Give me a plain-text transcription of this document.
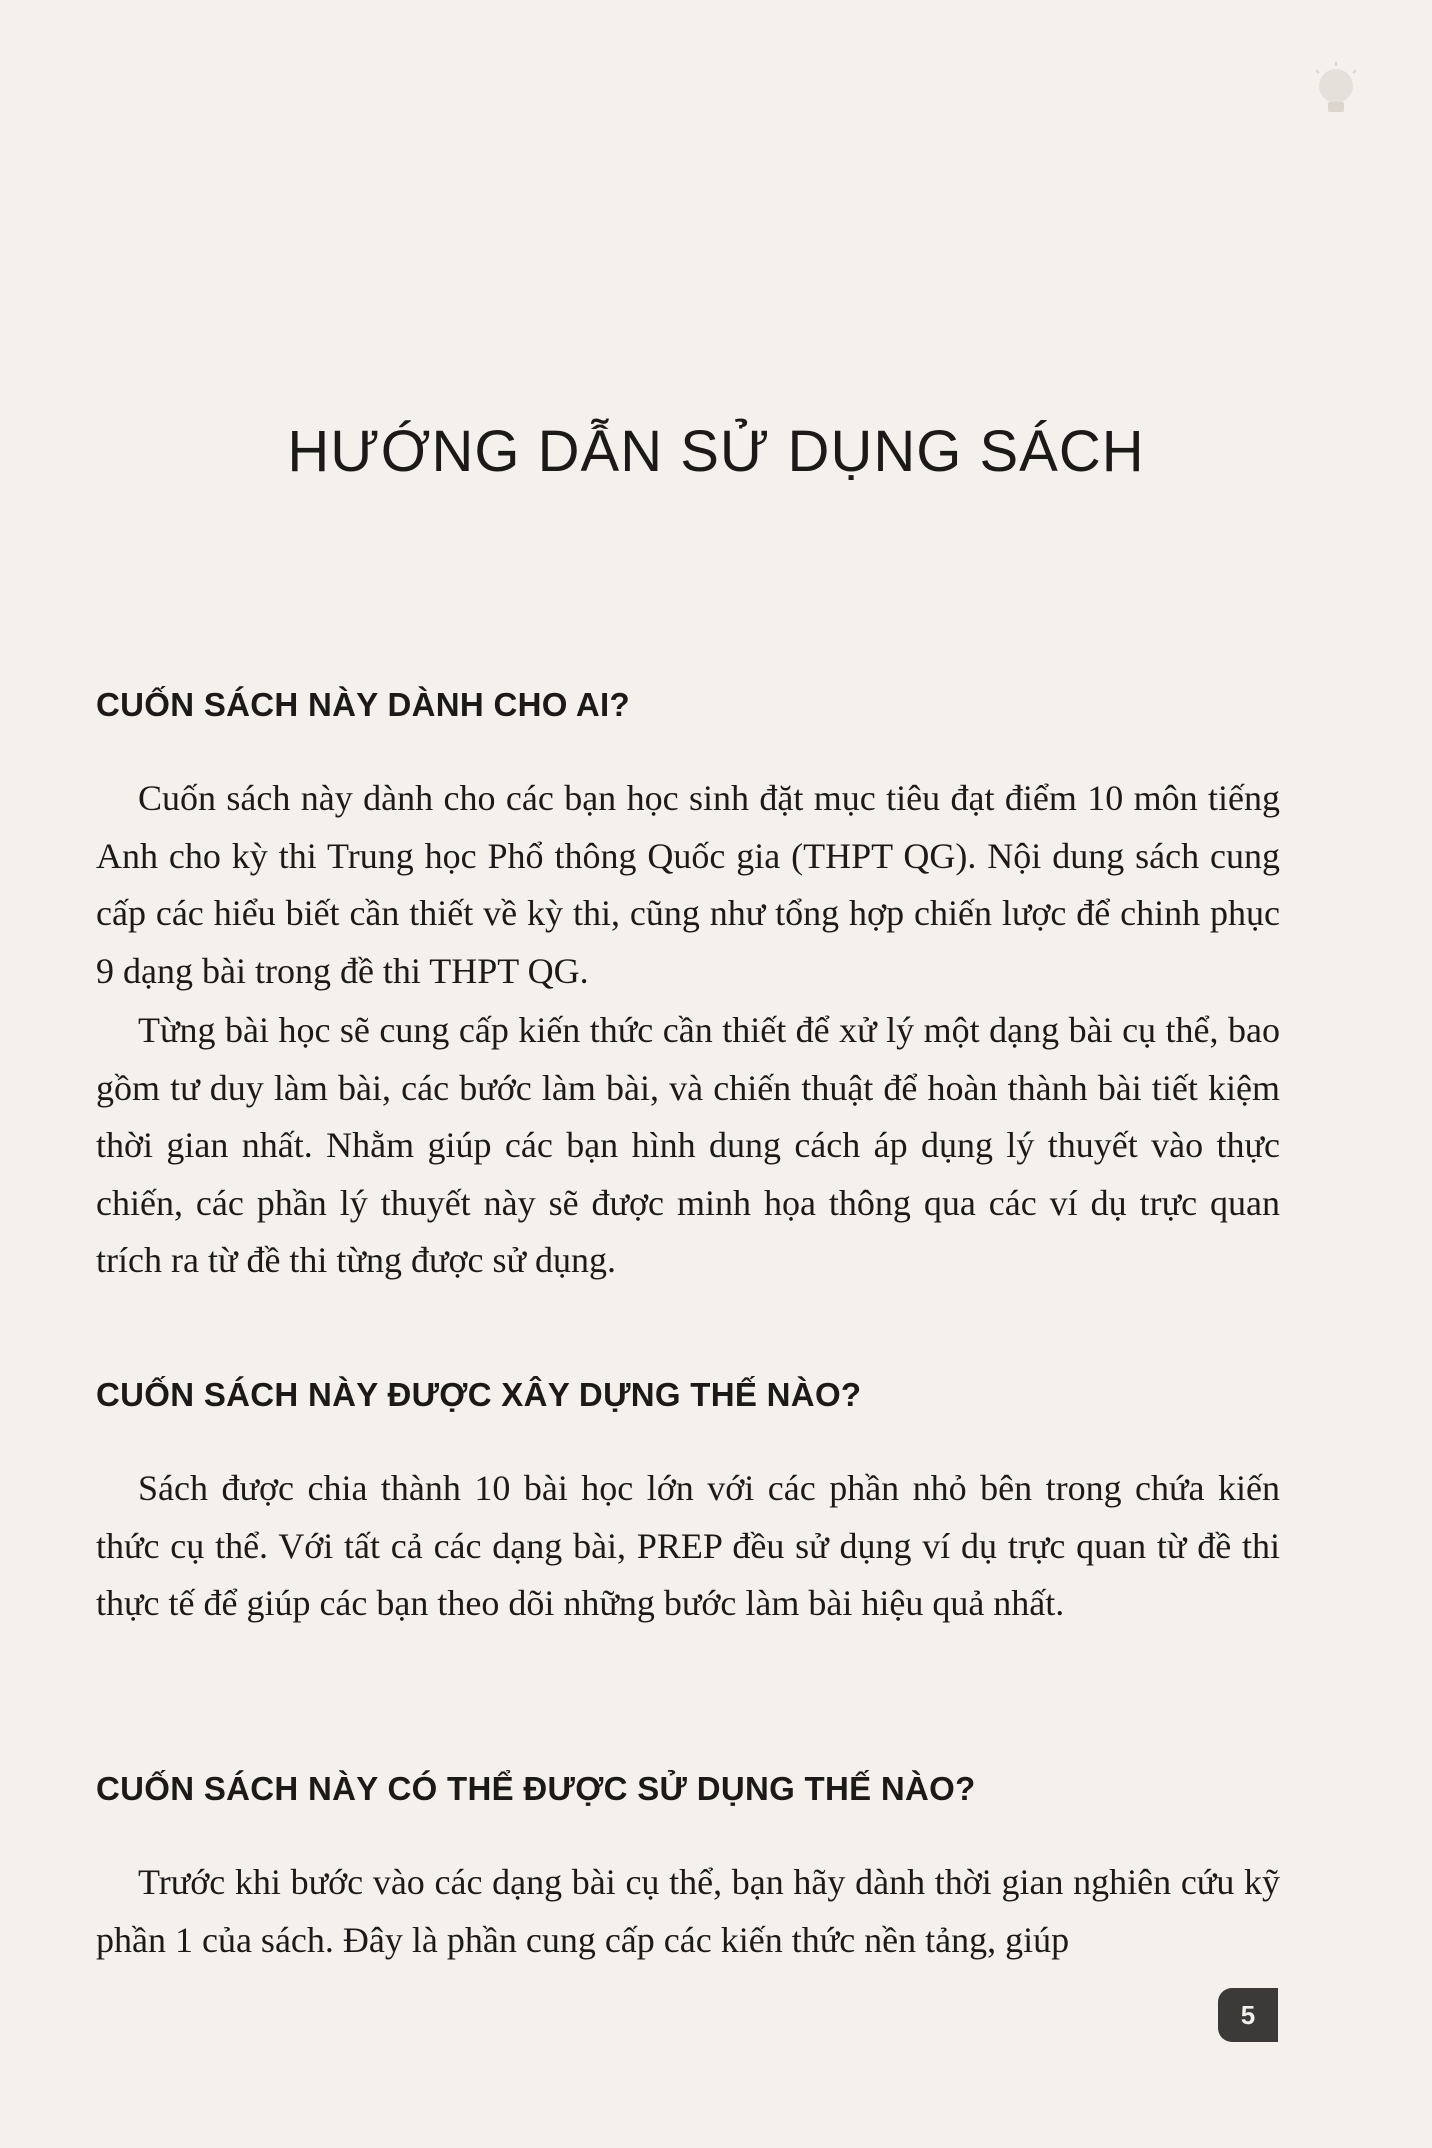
HƯỚNG DẪN SỬ DỤNG SÁCH
CUỐN SÁCH NÀY DÀNH CHO AI?

Cuốn sách này dành cho các bạn học sinh đặt mục tiêu đạt điểm 10 môn tiếng Anh cho kỳ thi Trung học Phổ thông Quốc gia (THPT QG). Nội dung sách cung cấp các hiểu biết cần thiết về kỳ thi, cũng như tổng hợp chiến lược để chinh phục 9 dạng bài trong đề thi THPT QG.

Từng bài học sẽ cung cấp kiến thức cần thiết để xử lý một dạng bài cụ thể, bao gồm tư duy làm bài, các bước làm bài, và chiến thuật để hoàn thành bài tiết kiệm thời gian nhất. Nhằm giúp các bạn hình dung cách áp dụng lý thuyết vào thực chiến, các phần lý thuyết này sẽ được minh họa thông qua các ví dụ trực quan trích ra từ đề thi từng được sử dụng.

CUỐN SÁCH NÀY ĐƯỢC XÂY DỰNG THẾ NÀO?

Sách được chia thành 10 bài học lớn với các phần nhỏ bên trong chứa kiến thức cụ thể. Với tất cả các dạng bài, PREP đều sử dụng ví dụ trực quan từ đề thi thực tế để giúp các bạn theo dõi những bước làm bài hiệu quả nhất.

CUỐN SÁCH NÀY CÓ THỂ ĐƯỢC SỬ DỤNG THẾ NÀO?

Trước khi bước vào các dạng bài cụ thể, bạn hãy dành thời gian nghiên cứu kỹ phần 1 của sách. Đây là phần cung cấp các kiến thức nền tảng, giúp

5
